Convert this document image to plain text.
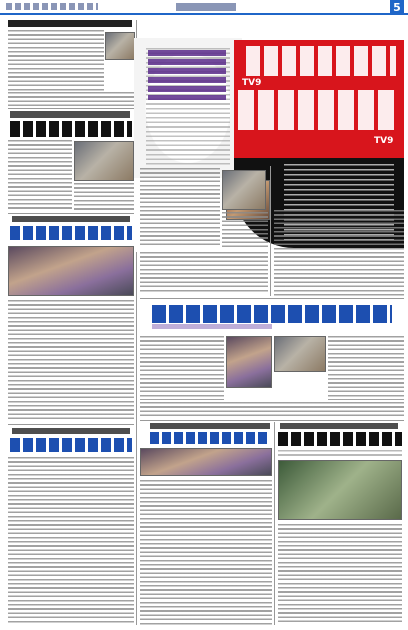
5
TV9
TV9
